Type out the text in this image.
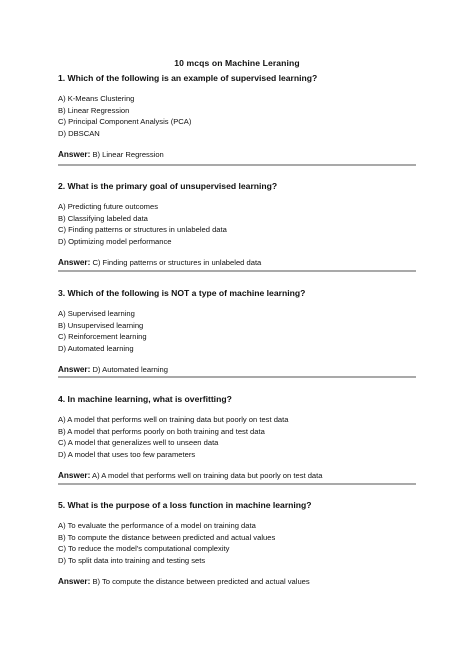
10 mcqs on Machine Leraning

1. Which of the following is an example of supervised learning?

A) K-Means Clustering
B) Linear Regression
C) Principal Component Analysis (PCA)
D) DBSCAN
Answer: B) Linear Regression

2. What is the primary goal of unsupervised learning?

A) Predicting future outcomes
B) Classifying labeled data
C) Finding patterns or structures in unlabeled data
D) Optimizing model performance
Answer: C) Finding patterns or structures in unlabeled data

3. Which of the following is NOT a type of machine learning?

A) Supervised learning
B) Unsupervised learning
C) Reinforcement learning
D) Automated learning
Answer: D) Automated learning

4. In machine learning, what is overfitting?

A) A model that performs well on training data but poorly on test data
B) A model that performs poorly on both training and test data
C) A model that generalizes well to unseen data
D) A model that uses too few parameters
Answer: A) A model that performs well on training data but poorly on test data

5. What is the purpose of a loss function in machine learning?

A) To evaluate the performance of a model on training data
B) To compute the distance between predicted and actual values
C) To reduce the model's computational complexity
D) To split data into training and testing sets
Answer: B) To compute the distance between predicted and actual values
